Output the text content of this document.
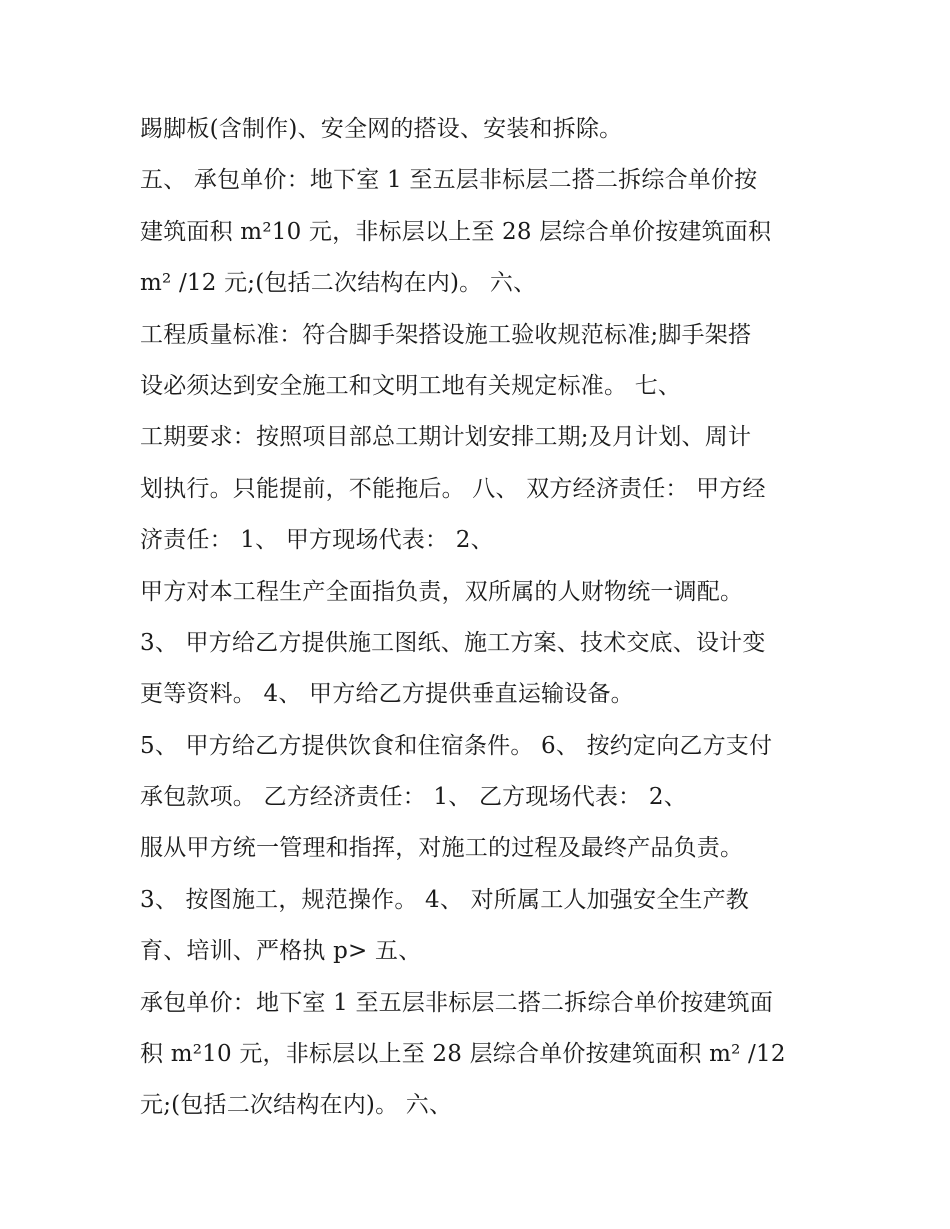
踢脚板(含制作)、安全网的搭设、安装和拆除。
五、 承包单价：地下室 1 至五层非标层二搭二拆综合单价按
建筑面积 m²10 元，非标层以上至 28 层综合单价按建筑面积
m² /12 元;(包括二次结构在内)。 六、
工程质量标准：符合脚手架搭设施工验收规范标准;脚手架搭
设必须达到安全施工和文明工地有关规定标准。 七、
工期要求：按照项目部总工期计划安排工期;及月计划、周计
划执行。只能提前，不能拖后。 八、 双方经济责任： 甲方经
济责任： 1、 甲方现场代表： 2、
甲方对本工程生产全面指负责，双所属的人财物统一调配。
3、 甲方给乙方提供施工图纸、施工方案、技术交底、设计变
更等资料。 4、 甲方给乙方提供垂直运输设备。
5、 甲方给乙方提供饮食和住宿条件。 6、 按约定向乙方支付
承包款项。 乙方经济责任： 1、 乙方现场代表： 2、
服从甲方统一管理和指挥，对施工的过程及最终产品负责。
3、 按图施工，规范操作。 4、 对所属工人加强安全生产教
育、培训、严格执 p> 五、
承包单价：地下室 1 至五层非标层二搭二拆综合单价按建筑面
积 m²10 元，非标层以上至 28 层综合单价按建筑面积 m² /12
元;(包括二次结构在内)。 六、
